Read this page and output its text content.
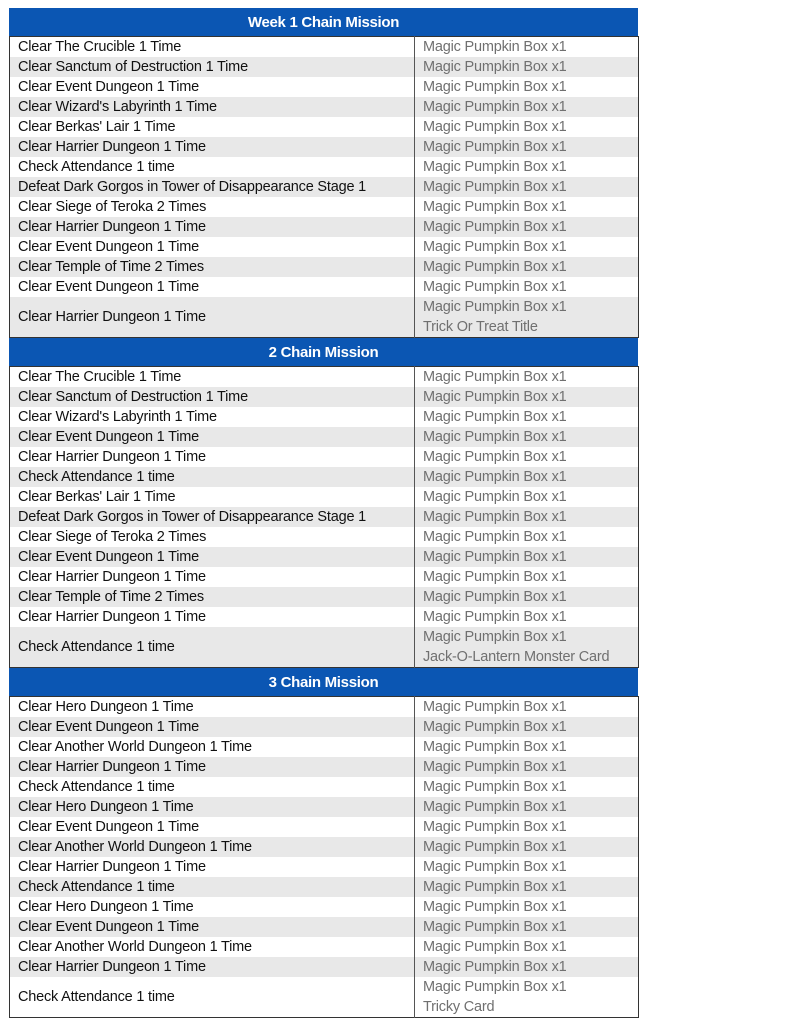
Week 1 Chain Mission
Clear The Crucible 1 Time	Magic Pumpkin Box x1

Clear Sanctum of Destruction 1 Time	Magic Pumpkin Box x1

Clear Event Dungeon 1 Time	Magic Pumpkin Box x1

Clear Wizard's Labyrinth 1 Time	Magic Pumpkin Box x1

Clear Berkas' Lair 1 Time	Magic Pumpkin Box x1

Clear Harrier Dungeon 1 Time	Magic Pumpkin Box x1

Check Attendance 1 time	Magic Pumpkin Box x1

Defeat Dark Gorgos in Tower of Disappearance Stage 1	Magic Pumpkin Box x1

Clear Siege of Teroka 2 Times	Magic Pumpkin Box x1

Clear Harrier Dungeon 1 Time	Magic Pumpkin Box x1

Clear Event Dungeon 1 Time	Magic Pumpkin Box x1

Clear Temple of Time 2 Times	Magic Pumpkin Box x1

Clear Event Dungeon 1 Time	Magic Pumpkin Box x1

Clear Harrier Dungeon 1 Time	Magic Pumpkin Box x1
Trick Or Treat Title
2 Chain Mission
Clear The Crucible 1 Time	Magic Pumpkin Box x1

Clear Sanctum of Destruction 1 Time	Magic Pumpkin Box x1

Clear Wizard's Labyrinth 1 Time	Magic Pumpkin Box x1

Clear Event Dungeon 1 Time	Magic Pumpkin Box x1

Clear Harrier Dungeon 1 Time	Magic Pumpkin Box x1

Check Attendance 1 time	Magic Pumpkin Box x1

Clear Berkas' Lair 1 Time	Magic Pumpkin Box x1

Defeat Dark Gorgos in Tower of Disappearance Stage 1	Magic Pumpkin Box x1

Clear Siege of Teroka 2 Times	Magic Pumpkin Box x1

Clear Event Dungeon 1 Time	Magic Pumpkin Box x1

Clear Harrier Dungeon 1 Time	Magic Pumpkin Box x1

Clear Temple of Time 2 Times	Magic Pumpkin Box x1

Clear Harrier Dungeon 1 Time	Magic Pumpkin Box x1

Check Attendance 1 time	Magic Pumpkin Box x1
Jack-O-Lantern Monster Card
3 Chain Mission
Clear Hero Dungeon 1 Time	Magic Pumpkin Box x1

Clear Event Dungeon 1 Time	Magic Pumpkin Box x1

Clear Another World Dungeon 1 Time	Magic Pumpkin Box x1

Clear Harrier Dungeon 1 Time	Magic Pumpkin Box x1

Check Attendance 1 time	Magic Pumpkin Box x1

Clear Hero Dungeon 1 Time	Magic Pumpkin Box x1

Clear Event Dungeon 1 Time	Magic Pumpkin Box x1

Clear Another World Dungeon 1 Time	Magic Pumpkin Box x1

Clear Harrier Dungeon 1 Time	Magic Pumpkin Box x1

Check Attendance 1 time	Magic Pumpkin Box x1

Clear Hero Dungeon 1 Time	Magic Pumpkin Box x1

Clear Event Dungeon 1 Time	Magic Pumpkin Box x1

Clear Another World Dungeon 1 Time	Magic Pumpkin Box x1

Clear Harrier Dungeon 1 Time	Magic Pumpkin Box x1

Check Attendance 1 time	Magic Pumpkin Box x1
Tricky Card
